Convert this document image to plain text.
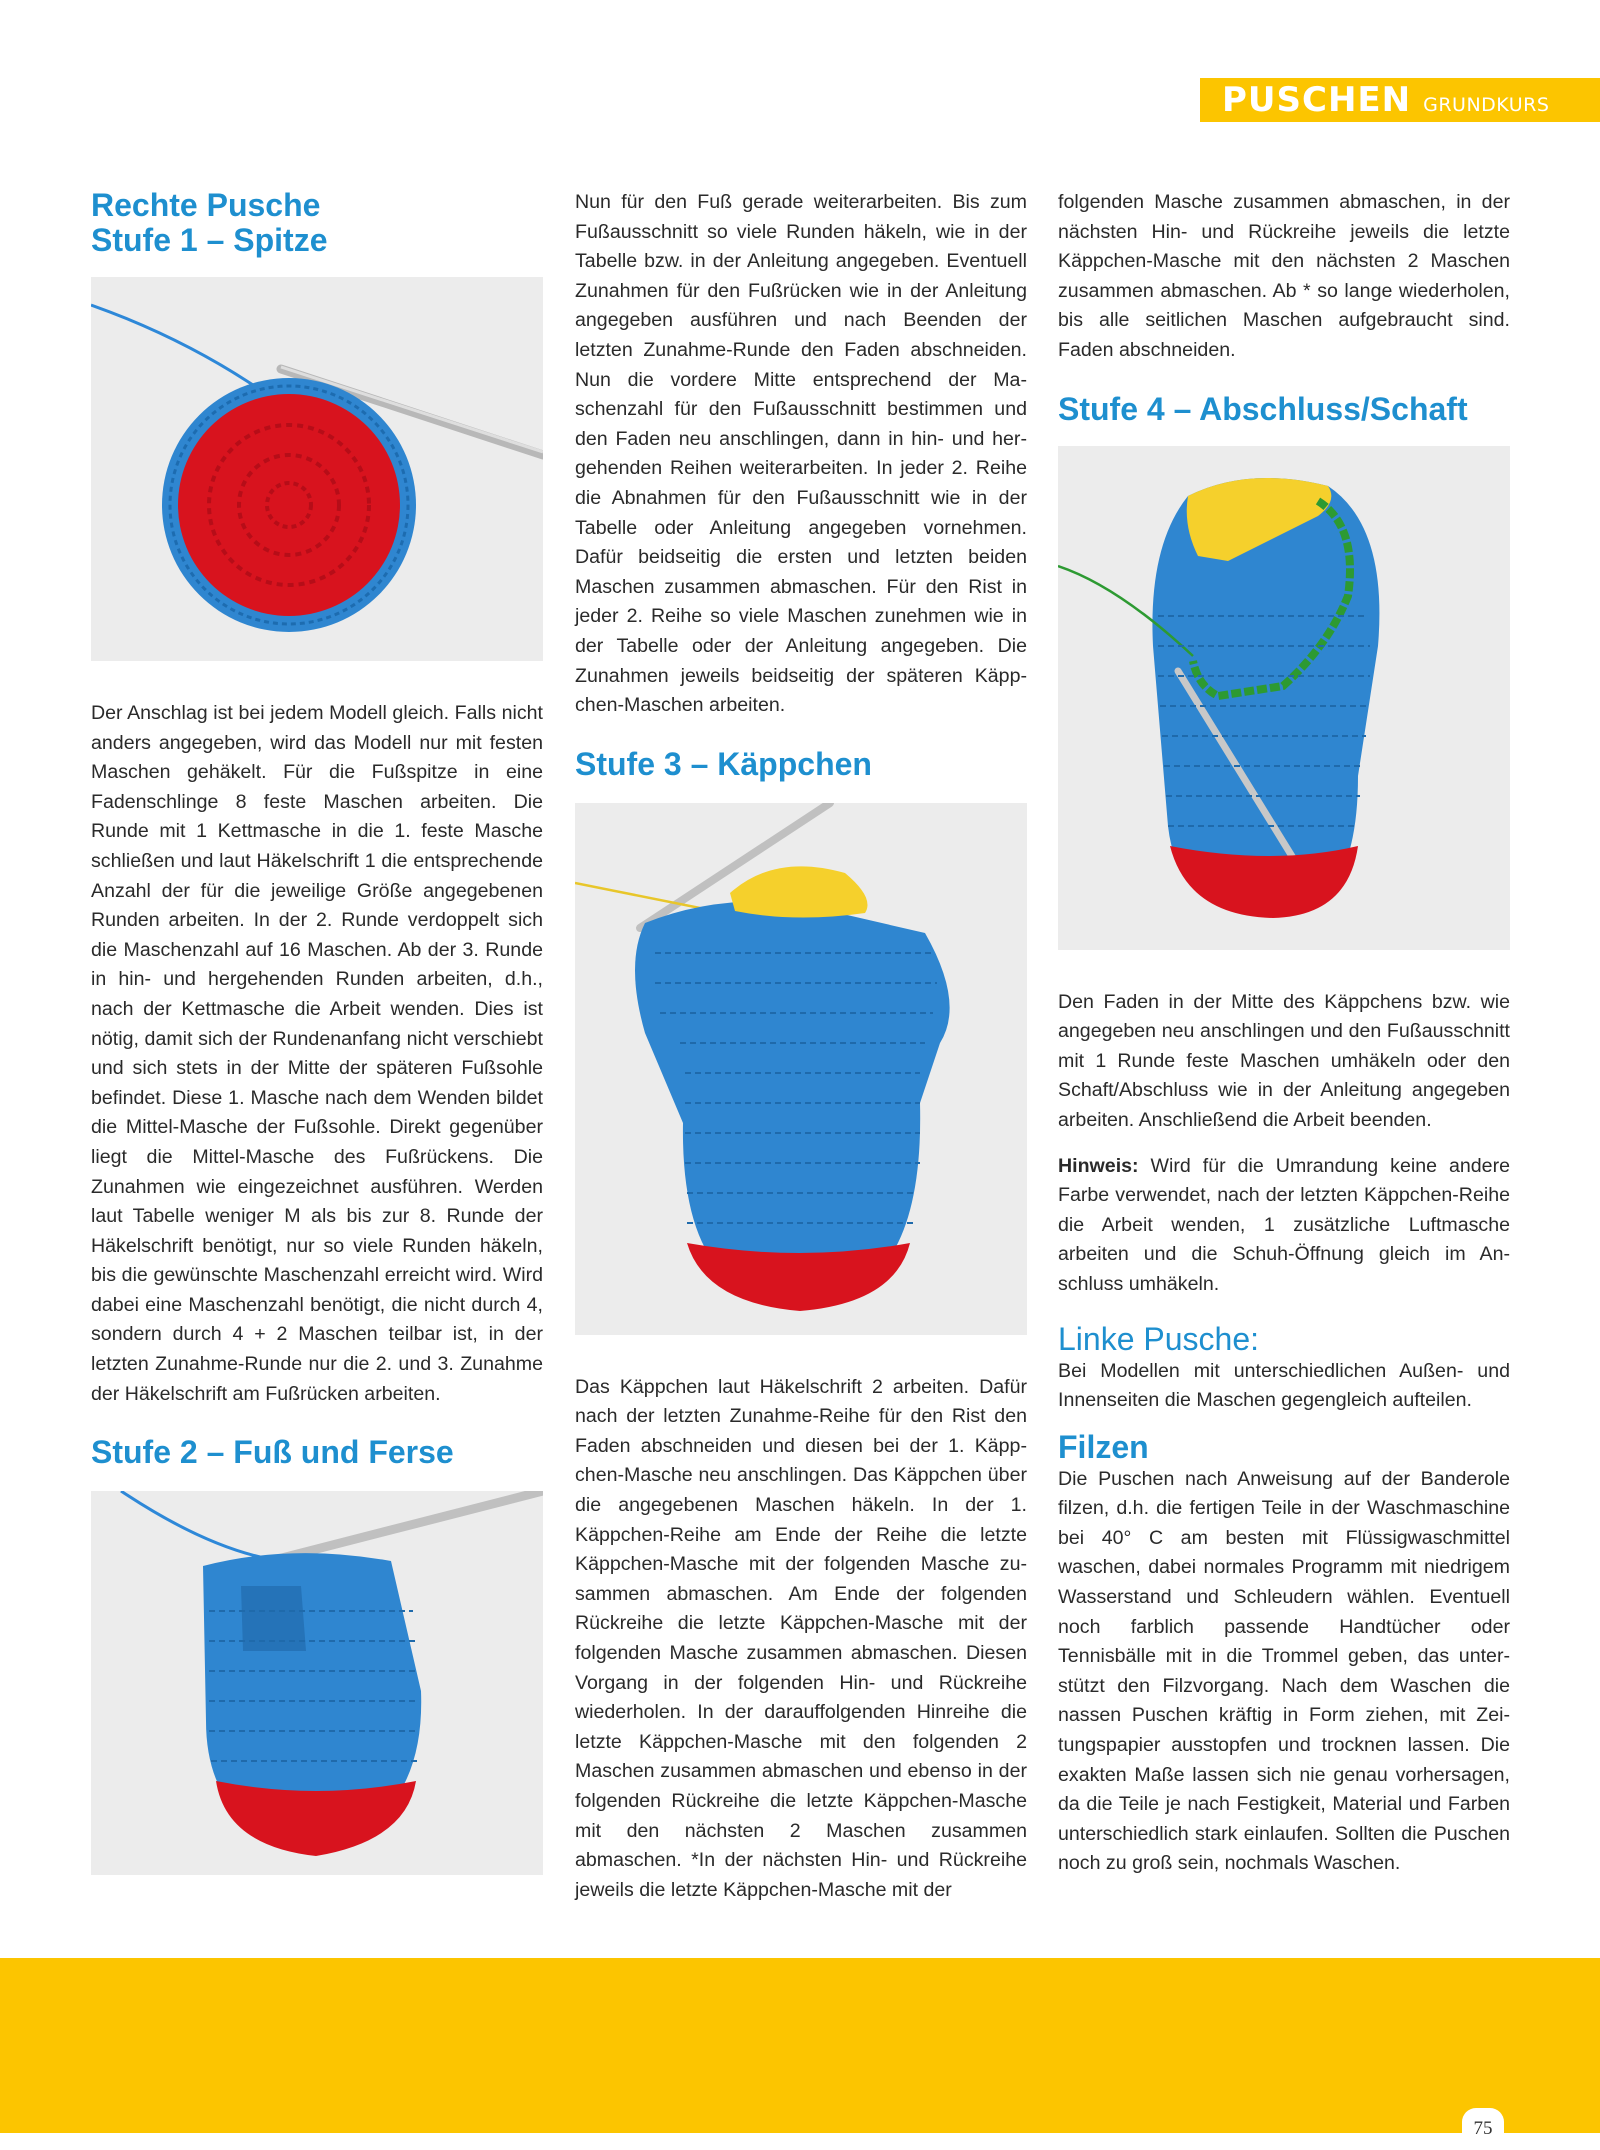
PUSCHEN GRUNDKURS
Rechte Pusche
Stufe 1 – Spitze

Der Anschlag ist bei jedem Modell gleich. Falls nicht anders angegeben, wird das Modell nur mit festen Maschen gehäkelt. Für die Fußspitze in eine Fadenschlinge 8 feste Maschen arbeiten. Die Runde mit 1 Kettmasche in die 1. feste Masche schließen und laut Häkelschrift 1 die entsprechende Anzahl der für die jeweilige Größe angegebenen Runden arbeiten. In der 2. Runde verdoppelt sich die Maschenzahl auf 16 Maschen. Ab der 3. Runde in hin- und hergehenden Runden arbeiten, d.h., nach der Kettmasche die Arbeit wenden. Dies ist nötig, damit sich der Rundenanfang nicht verschiebt und sich stets in der Mitte der späteren Fußsohle befindet. Diese 1. Masche nach dem Wenden bildet die Mittel-Masche der Fußsohle. Direkt gegenüber liegt die Mittel-Masche des Fußrückens. Die Zunahmen wie eingezeichnet ausführen. Werden laut Tabelle weniger M als bis zur 8. Runde der Häkelschrift benötigt, nur so viele Runden häkeln, bis die gewünschte Maschenzahl erreicht wird. Wird dabei eine Maschenzahl benötigt, die nicht durch 4, sondern durch 4 + 2 Maschen teilbar ist, in der letzten Zunahme-Runde nur die 2. und 3. Zunahme der Häkelschrift am Fußrücken arbeiten.

Stufe 2 – Fuß und Ferse

Nun für den Fuß gerade weiterarbeiten. Bis zum Fußausschnitt so viele Runden häkeln, wie in der Tabelle bzw. in der Anleitung angegeben. Eventuell Zunahmen für den Fußrücken wie in der Anleitung angegeben ausführen und nach Beenden der letzten Zunahme-Runde den Faden abschneiden. Nun die vordere Mitte entsprechend der Maschenzahl für den Fußausschnitt bestimmen und den Faden neu anschlingen, dann in hin- und hergehenden Reihen weiterarbeiten. In jeder 2. Reihe die Abnahmen für den Fußausschnitt wie in der Tabelle oder Anleitung angegeben vornehmen. Dafür beidseitig die ersten und letzten beiden Maschen zusammen abmaschen. Für den Rist in jeder 2. Reihe so viele Maschen zunehmen wie in der Tabelle oder der Anleitung angegeben. Die Zunahmen jeweils beidseitig der späteren Käppchen-Maschen arbeiten.

Stufe 3 – Käppchen

Das Käppchen laut Häkelschrift 2 arbeiten. Dafür nach der letzten Zunahme-Reihe für den Rist den Faden abschneiden und diesen bei der 1. Käppchen-Masche neu anschlingen. Das Käppchen über die angegebenen Maschen häkeln. In der 1. Käppchen-Reihe am Ende der Reihe die letzte Käppchen-Masche mit der folgenden Masche zusammen abmaschen. Am Ende der folgenden Rückreihe die letzte Käppchen-Masche mit der folgenden Masche zusammen abmaschen. Diesen Vorgang in der folgenden Hin- und Rückreihe wiederholen. In der darauffolgenden Hinreihe die letzte Käppchen-Masche mit den folgenden 2 Maschen zusammen abmaschen und ebenso in der folgenden Rückreihe die letzte Käppchen-Masche mit den nächsten 2 Maschen zusammen abmaschen. *In der nächsten Hin- und Rückreihe jeweils die letzte Käppchen-Masche mit der

folgenden Masche zusammen abmaschen, in der nächsten Hin- und Rückreihe jeweils die letzte Käppchen-Masche mit den nächsten 2 Maschen zusammen abmaschen. Ab * so lange wiederholen, bis alle seitlichen Maschen aufgebraucht sind. Faden abschneiden.

Stufe 4 – Abschluss/Schaft

Den Faden in der Mitte des Käppchens bzw. wie angegeben neu anschlingen und den Fußausschnitt mit 1 Runde feste Maschen umhäkeln oder den Schaft/Abschluss wie in der Anleitung angegeben arbeiten. Anschließend die Arbeit beenden.

Hinweis: Wird für die Umrandung keine andere Farbe verwendet, nach der letzten Käppchen-Reihe die Arbeit wenden, 1 zusätzliche Luftmasche arbeiten und die Schuh-Öffnung gleich im Anschluss umhäkeln.

Linke Pusche:

Bei Modellen mit unterschiedlichen Außen- und Innenseiten die Maschen gegengleich aufteilen.

Filzen

Die Puschen nach Anweisung auf der Banderole filzen, d.h. die fertigen Teile in der Waschmaschine bei 40° C am besten mit Flüssigwaschmittel waschen, dabei normales Programm mit niedrigem Wasserstand und Schleudern wählen. Eventuell noch farblich passende Handtücher oder Tennisbälle mit in die Trommel geben, das unterstützt den Filzvorgang. Nach dem Waschen die nassen Puschen kräftig in Form ziehen, mit Zeitungspapier ausstopfen und trocknen lassen. Die exakten Maße lassen sich nie genau vorhersagen, da die Teile je nach Festigkeit, Material und Farben unterschiedlich stark einlaufen. Sollten die Puschen noch zu groß sein, nochmals Waschen.

75
